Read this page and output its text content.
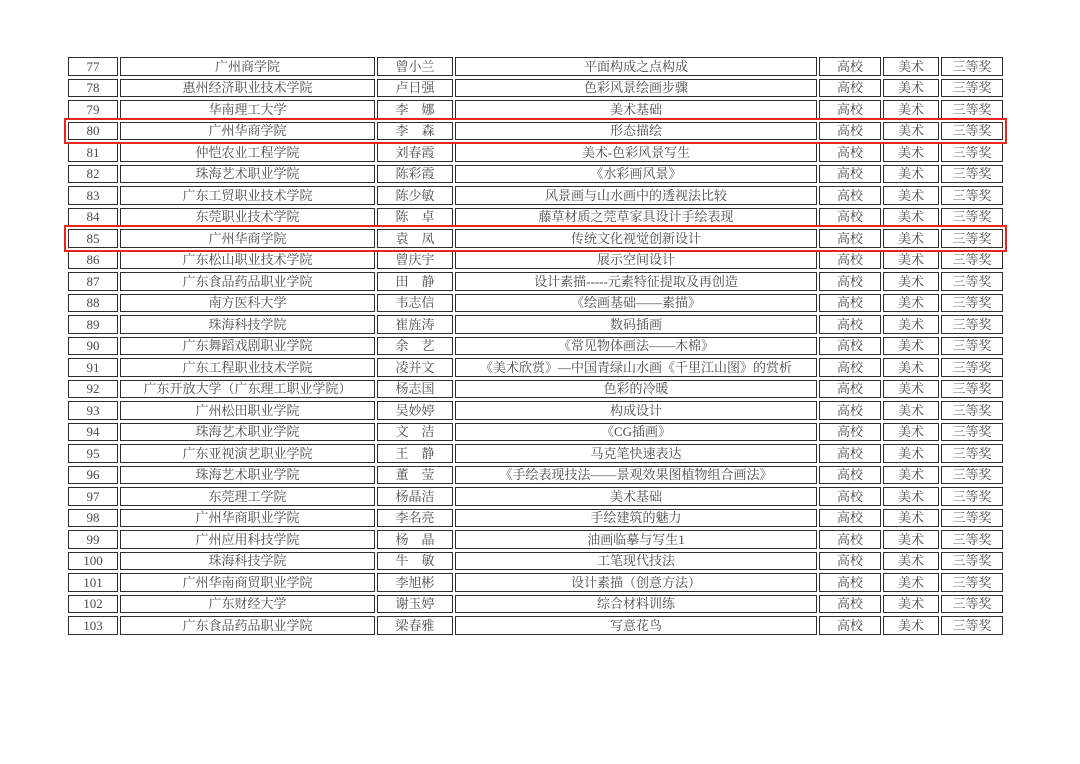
77	广州商学院	曾小兰	平面构成之点构成	高校	美术	三等奖
78	惠州经济职业技术学院	卢日强	色彩风景绘画步骤	高校	美术	三等奖
79	华南理工大学	李　娜	美术基础	高校	美术	三等奖
80	广州华商学院	李　森	形态描绘	高校	美术	三等奖
81	仲恺农业工程学院	刘春霞	美术-色彩风景写生	高校	美术	三等奖
82	珠海艺术职业学院	陈彩霞	《水彩画风景》	高校	美术	三等奖
83	广东工贸职业技术学院	陈少敏	风景画与山水画中的透视法比较	高校	美术	三等奖
84	东莞职业技术学院	陈　卓	藤草材质之莞草家具设计手绘表现	高校	美术	三等奖
85	广州华商学院	袁　凤	传统文化视觉创新设计	高校	美术	三等奖
86	广东松山职业技术学院	曾庆宇	展示空间设计	高校	美术	三等奖
87	广东食品药品职业学院	田　静	设计素描-----元素特征提取及再创造	高校	美术	三等奖
88	南方医科大学	韦志信	《绘画基础——素描》	高校	美术	三等奖
89	珠海科技学院	崔旌涛	数码插画	高校	美术	三等奖
90	广东舞蹈戏剧职业学院	余　艺	《常见物体画法——木棉》	高校	美术	三等奖
91	广东工程职业技术学院	凌并文	《美术欣赏》—中国青绿山水画《千里江山图》的赏析	高校	美术	三等奖
92	广东开放大学（广东理工职业学院）	杨志国	色彩的冷暖	高校	美术	三等奖
93	广州松田职业学院	吴妙婷	构成设计	高校	美术	三等奖
94	珠海艺术职业学院	文　洁	《CG插画》	高校	美术	三等奖
95	广东亚视演艺职业学院	王　静	马克笔快速表达	高校	美术	三等奖
96	珠海艺术职业学院	董　莹	《手绘表现技法——景观效果图植物组合画法》	高校	美术	三等奖
97	东莞理工学院	杨晶洁	美术基础	高校	美术	三等奖
98	广州华商职业学院	李名亮	手绘建筑的魅力	高校	美术	三等奖
99	广州应用科技学院	杨　晶	油画临摹与写生1	高校	美术	三等奖
100	珠海科技学院	牛　敏	工笔现代技法	高校	美术	三等奖
101	广州华南商贸职业学院	李旭彬	设计素描（创意方法）	高校	美术	三等奖
102	广东财经大学	谢玉婷	综合材料训练	高校	美术	三等奖
103	广东食品药品职业学院	梁春雅	写意花鸟	高校	美术	三等奖
